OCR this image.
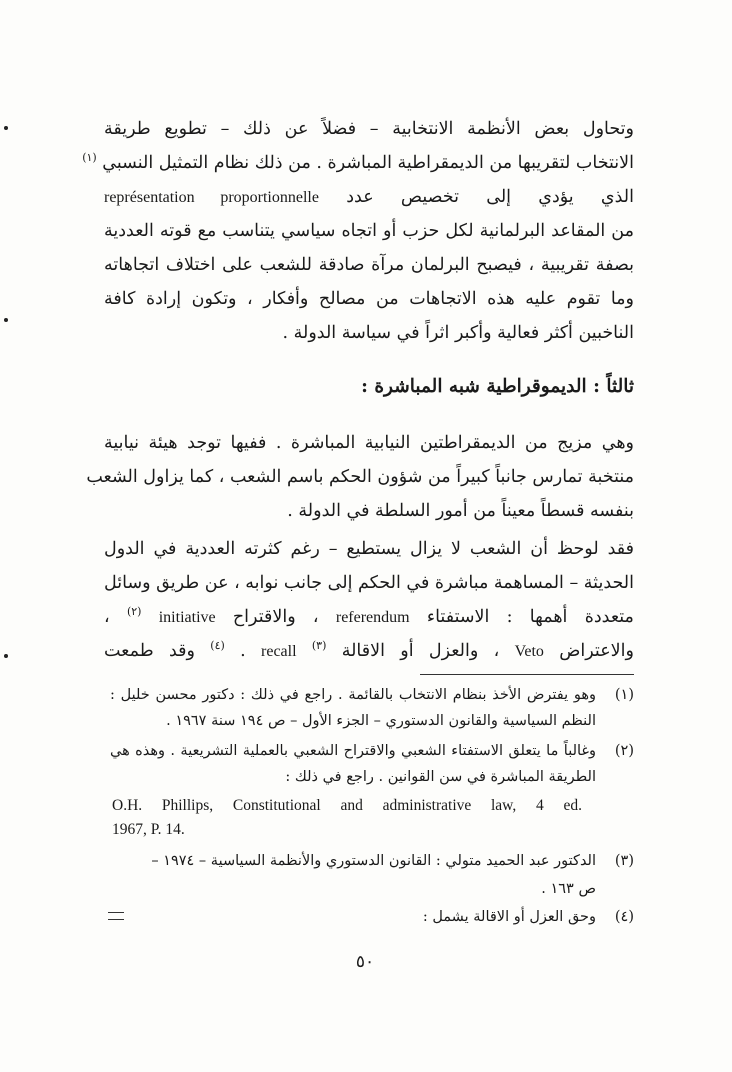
وتحاول بعض الأنظمة الانتخابية – فضلاً عن ذلك – تطويع طريقة
الانتخاب لتقريبها من الديمقراطية المباشرة . من ذلك نظام التمثيل النسبي $^{(١)}$
الذي يؤدي إلى تخصيص عدد représentation proportionnelle
من المقاعد البرلمانية لكل حزب أو اتجاه سياسي يتناسب مع قوته العددية
بصفة تقريبية ، فيصبح البرلمان مرآة صادقة للشعب على اختلاف اتجاهاته
وما تقوم عليه هذه الاتجاهات من مصالح وأفكار ، وتكون إرادة كافة
الناخبين أكثر فعالية وأكبر اثراً في سياسة الدولة .
ثالثاً : الديموقراطية شبه المباشرة :
وهي مزيج من الديمقراطتين النيابية المباشرة . ففيها توجد هيئة نيابية
منتخبة تمارس جانباً كبيراً من شؤون الحكم باسم الشعب ، كما يزاول الشعب
بنفسه قسطاً معيناً من أمور السلطة في الدولة .
فقد لوحظ أن الشعب لا يزال يستطيع – رغم كثرته العددية في الدول
الحديثة – المساهمة مباشرة في الحكم إلى جانب نوابه ، عن طريق وسائل
متعددة أهمها : الاستفتاء referendum ، والاقتراح initiative $^{(٢)}$ ،
والاعتراض Veto ، والعزل أو الاقالة $^{(٣)}$ recall . $^{(٤)}$ وقد طمعت
(١)وهو يفترض الأخذ بنظام الانتخاب بالقائمة . راجع في ذلك : دكتور محسن خليل :
النظم السياسية والقانون الدستوري – الجزء الأول – ص ١٩٤ سنة ١٩٦٧ .
(٢)وغالباً ما يتعلق الاستفتاء الشعبي والاقتراح الشعبي بالعملية التشريعية . وهذه هي
الطريقة المباشرة في سن القوانين . راجع في ذلك :
O.H. Phillips, Constitutional and administrative law, 4 ed.
1967, P. 14.
(٣)الدكتور عبد الحميد متولي : القانون الدستوري والأنظمة السياسية – ١٩٧٤ –
ص ١٦٣ .
(٤)وحق العزل أو الاقالة يشمل :
٥٠
